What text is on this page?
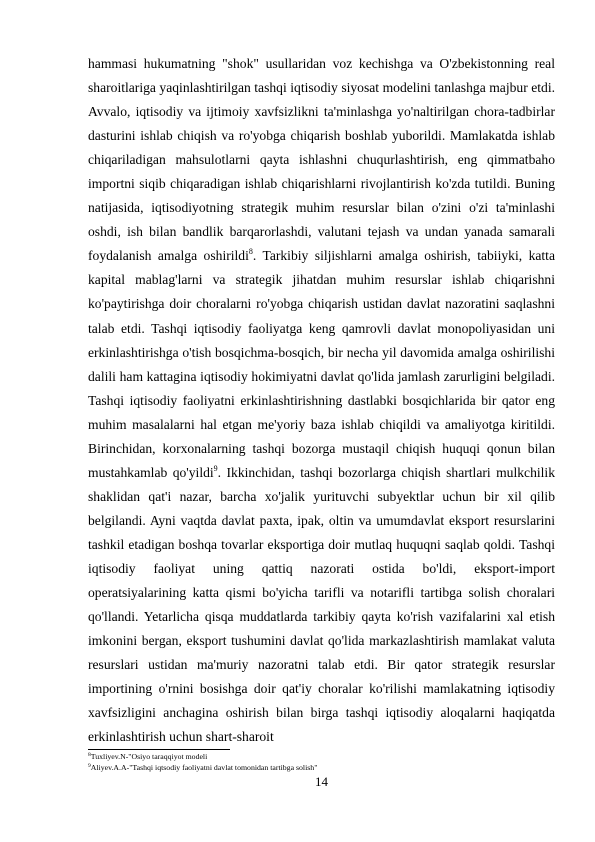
hammasi hukumatning "shok" usullaridan voz kechishga va O'zbekistonning real sharoitlariga yaqinlashtirilgan tashqi iqtisodiy siyosat modelini tanlashga majbur etdi. Avvalo, iqtisodiy va ijtimoiy xavfsizlikni ta'minlashga yo'naltirilgan chora-tadbirlar dasturini ishlab chiqish va ro'yobga chiqarish boshlab yuborildi. Mamlakatda ishlab chiqariladigan mahsulotlarni qayta ishlashni chuqurlashtirish, eng qimmatbaho importni siqib chiqaradigan ishlab chiqarishlarni rivojlantirish ko'zda tutildi. Buning natijasida, iqtisodiyotning strategik muhim resurslar bilan o'zini o'zi ta'minlashi oshdi, ish bilan bandlik barqarorlashdi, valutani tejash va undan yanada samarali foydalanish amalga oshirildi$^8$. Tarkibiy siljishlarni amalga oshirish, tabiiyki, katta kapital mablag'larni va strategik jihatdan muhim resurslar ishlab chiqarishni ko'paytirishga doir choralarni ro'yobga chiqarish ustidan davlat nazoratini saqlashni talab etdi. Tashqi iqtisodiy faoliyatga keng qamrovli davlat monopoliyasidan uni erkinlashtirishga o'tish bosqichma-bosqich, bir necha yil davomida amalga oshirilishi dalili ham kattagina iqtisodiy hokimiyatni davlat qo'lida jamlash zarurligini belgiladi. Tashqi iqtisodiy faoliyatni erkinlashtirishning dastlabki bosqichlarida bir qator eng muhim masalalarni hal etgan me'yoriy baza ishlab chiqildi va amaliyotga kiritildi. Birinchidan, korxonalarning tashqi bozorga mustaqil chiqish huquqi qonun bilan mustahkamlab qo'yildi$^9$. Ikkinchidan, tashqi bozorlarga chiqish shartlari mulkchilik shaklidan qat'i nazar, barcha xo'jalik yurituvchi subyektlar uchun bir xil qilib belgilandi. Ayni vaqtda davlat paxta, ipak, oltin va umumdavlat eksport resurslarini tashkil etadigan boshqa tovarlar eksportiga doir mutlaq huquqni saqlab qoldi. Tashqi iqtisodiy faoliyat uning qattiq nazorati ostida bo'ldi, eksport-import operatsiyalarining katta qismi bo'yicha tarifli va notarifli tartibga solish choralari qo'llandi. Yetarlicha qisqa muddatlarda tarkibiy qayta ko'rish vazifalarini xal etish imkonini bergan, eksport tushumini davlat qo'lida markazlashtirish mamlakat valuta resurslari ustidan ma'muriy nazoratni talab etdi. Bir qator strategik resurslar importining o'rnini bosishga doir qat'iy choralar ko'rilishi mamlakatning iqtisodiy xavfsizligini anchagina oshirish bilan birga tashqi iqtisodiy aloqalarni haqiqatda erkinlashtirish uchun shart-sharoit

$^8$Tuxliyev.N-"Osiyo taraqqiyot modeli
$^9$Aliyev.A.A-"Tashqi iqtsodiy faoliyatni davlat tomonidan tartibga solish"
14
